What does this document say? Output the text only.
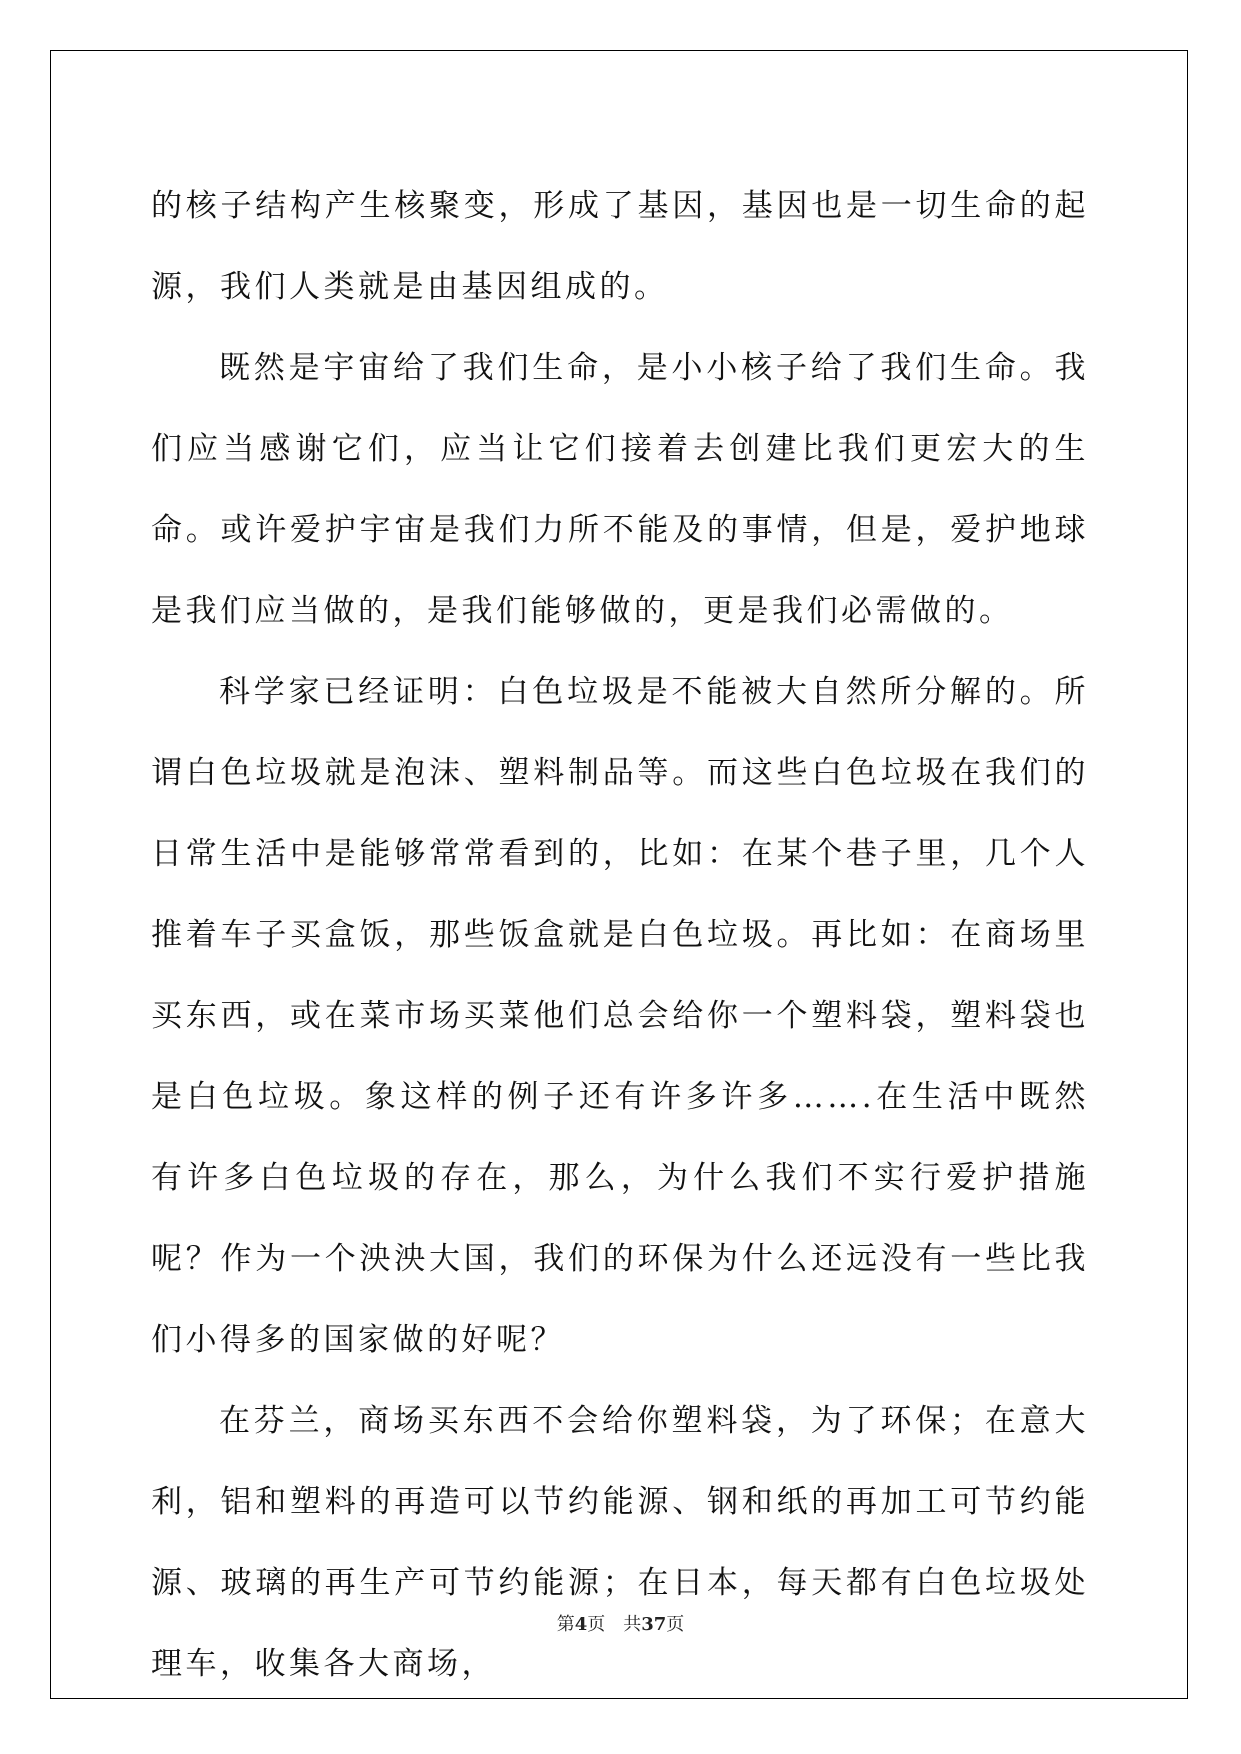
的核子结构产生核聚变，形成了基因，基因也是一切生命的起源，我们人类就是由基因组成的。

既然是宇宙给了我们生命，是小小核子给了我们生命。我们应当感谢它们，应当让它们接着去创建比我们更宏大的生命。或许爱护宇宙是我们力所不能及的事情，但是，爱护地球是我们应当做的，是我们能够做的，更是我们必需做的。

科学家已经证明：白色垃圾是不能被大自然所分解的。所谓白色垃圾就是泡沫、塑料制品等。而这些白色垃圾在我们的日常生活中是能够常常看到的，比如：在某个巷子里，几个人推着车子买盒饭，那些饭盒就是白色垃圾。再比如：在商场里买东西，或在菜市场买菜他们总会给你一个塑料袋，塑料袋也是白色垃圾。象这样的例子还有许多许多…….在生活中既然有许多白色垃圾的存在，那么，为什么我们不实行爱护措施呢？作为一个泱泱大国，我们的环保为什么还远没有一些比我们小得多的国家做的好呢？

在芬兰，商场买东西不会给你塑料袋，为了环保；在意大利，铝和塑料的再造可以节约能源、钢和纸的再加工可节约能源、玻璃的再生产可节约能源；在日本，每天都有白色垃圾处理车，收集各大商场，

第4页 共37页
